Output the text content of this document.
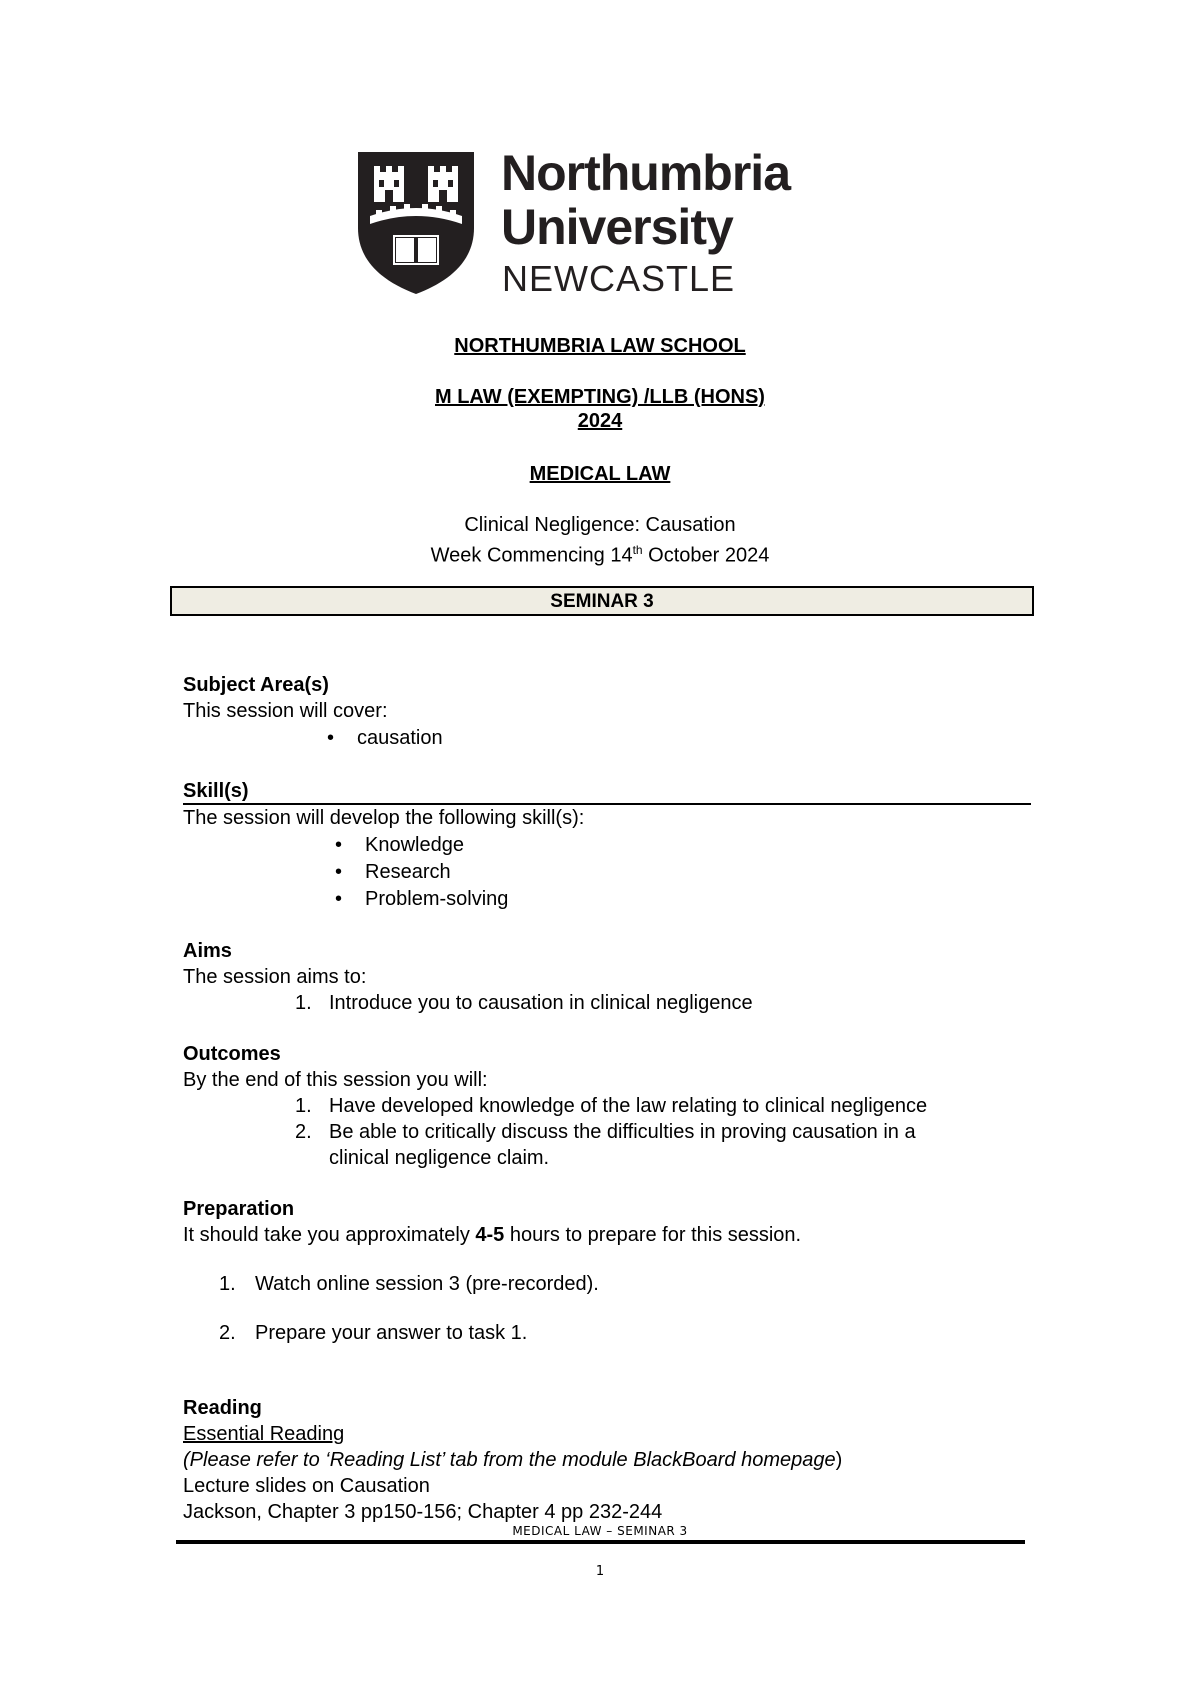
Northumbria
University
NEWCASTLE
NORTHUMBRIA LAW SCHOOL
M LAW (EXEMPTING) /LLB (HONS)
2024
MEDICAL LAW
Clinical Negligence: Causation
Week Commencing 14th October 2024
SEMINAR 3
Subject Area(s)
This session will cover:
• causation
Skill(s)
The session will develop the following skill(s):
• Knowledge
• Research
• Problem-solving
Aims
The session aims to:
1. Introduce you to causation in clinical negligence
Outcomes
By the end of this session you will:
1. Have developed knowledge of the law relating to clinical negligence
2. Be able to critically discuss the difficulties in proving causation in a
clinical negligence claim.
Preparation
It should take you approximately 4-5 hours to prepare for this session.
1. Watch online session 3 (pre-recorded).
2. Prepare your answer to task 1.
Reading
Essential Reading
(Please refer to ‘Reading List’ tab from the module BlackBoard homepage)
Lecture slides on Causation
Jackson, Chapter 3 pp150-156; Chapter 4 pp 232-244
MEDICAL LAW – SEMINAR 3
1
